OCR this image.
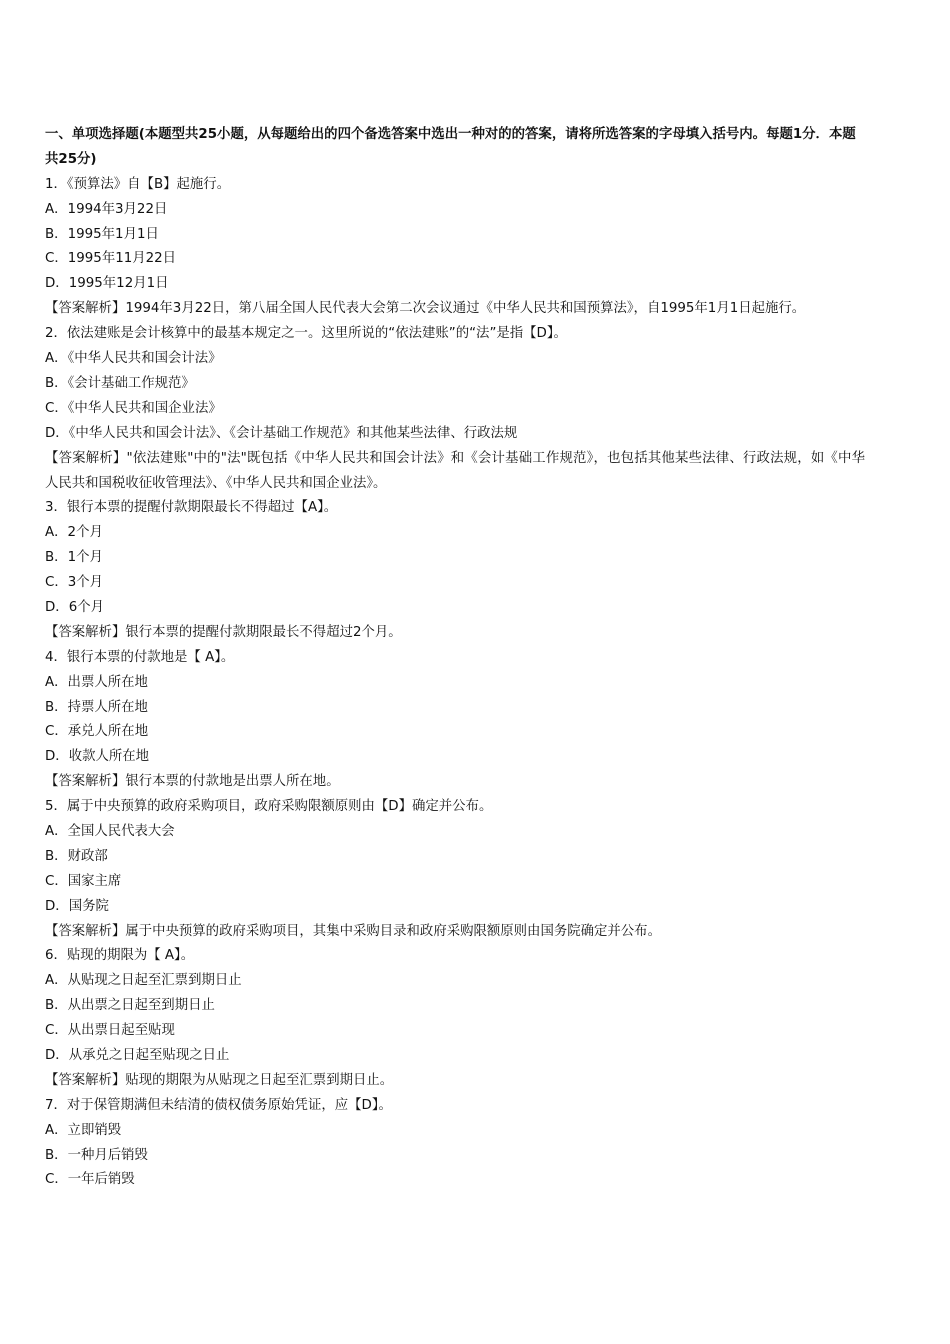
一、单项选择题(本题型共25小题，从每题给出的四个备选答案中选出一种对的的答案，请将所选答案的字母填入括号内。每题1分．本题共25分)

1．《预算法》自【B】起施行。

A．1994年3月22日

B．1995年1月1日

C．1995年11月22日

D．1995年12月1日

【答案解析】1994年3月22日，第八届全国人民代表大会第二次会议通过《中华人民共和国预算法》，自1995年1月1日起施行。

2．依法建账是会计核算中的最基本规定之一。这里所说的“依法建账”的“法”是指【D】。

A．《中华人民共和国会计法》

B．《会计基础工作规范》

C．《中华人民共和国企业法》

D．《中华人民共和国会计法》、《会计基础工作规范》和其他某些法律、行政法规

【答案解析】"依法建账"中的"法"既包括《中华人民共和国会计法》和《会计基础工作规范》，也包括其他某些法律、行政法规，如《中华人民共和国税收征收管理法》、《中华人民共和国企业法》。

3．银行本票的提醒付款期限最长不得超过【A】。

A．2个月

B．1个月

C．3个月

D．6个月

【答案解析】银行本票的提醒付款期限最长不得超过2个月。

4．银行本票的付款地是【 A】。

A．出票人所在地

B．持票人所在地

C．承兑人所在地

D．收款人所在地

【答案解析】银行本票的付款地是出票人所在地。

5．属于中央预算的政府采购项目，政府采购限额原则由【D】确定并公布。

A．全国人民代表大会

B．财政部

C．国家主席

D．国务院

【答案解析】属于中央预算的政府采购项目，其集中采购目录和政府采购限额原则由国务院确定并公布。

6．贴现的期限为【 A】。

A．从贴现之日起至汇票到期日止

B．从出票之日起至到期日止

C．从出票日起至贴现

D．从承兑之日起至贴现之日止

【答案解析】贴现的期限为从贴现之日起至汇票到期日止。

7．对于保管期满但未结清的债权债务原始凭证，应【D】。

A．立即销毁

B．一种月后销毁

C．一年后销毁
